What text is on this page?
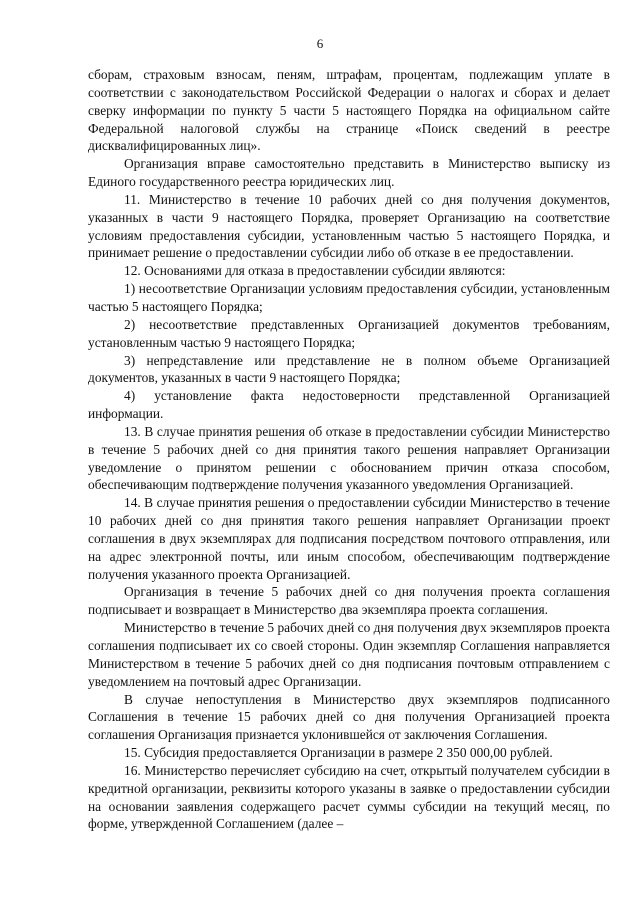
6

сборам, страховым взносам, пеням, штрафам, процентам, подлежащим уплате в соответствии с законодательством Российской Федерации о налогах и сборах и делает сверку информации по пункту 5 части 5 настоящего Порядка на официальном сайте Федеральной налоговой службы на странице «Поиск сведений в реестре дисквалифицированных лиц».

Организация вправе самостоятельно представить в Министерство выписку из Единого государственного реестра юридических лиц.

11. Министерство в течение 10 рабочих дней со дня получения документов, указанных в части 9 настоящего Порядка, проверяет Организацию на соответствие условиям предоставления субсидии, установленным частью 5 настоящего Порядка, и принимает решение о предоставлении субсидии либо об отказе в ее предоставлении.

12. Основаниями для отказа в предоставлении субсидии являются:

1) несоответствие Организации условиям предоставления субсидии, установленным частью 5 настоящего Порядка;

2) несоответствие представленных Организацией документов требованиям, установленным частью 9 настоящего Порядка;

3) непредставление или представление не в полном объеме Организацией документов, указанных в части 9 настоящего Порядка;

4) установление факта недостоверности представленной Организацией информации.

13. В случае принятия решения об отказе в предоставлении субсидии Министерство в течение 5 рабочих дней со дня принятия такого решения направляет Организации уведомление о принятом решении с обоснованием причин отказа способом, обеспечивающим подтверждение получения указанного уведомления Организацией.

14. В случае принятия решения о предоставлении субсидии Министерство в течение 10 рабочих дней со дня принятия такого решения направляет Организации проект соглашения в двух экземплярах для подписания посредством почтового отправления, или на адрес электронной почты, или иным способом, обеспечивающим подтверждение получения указанного проекта Организацией.

Организация в течение 5 рабочих дней со дня получения проекта соглашения подписывает и возвращает в Министерство два экземпляра проекта соглашения.

Министерство в течение 5 рабочих дней со дня получения двух экземпляров проекта соглашения подписывает их со своей стороны. Один экземпляр Соглашения направляется Министерством в течение 5 рабочих дней со дня подписания почтовым отправлением с уведомлением на почтовый адрес Организации.

В случае непоступления в Министерство двух экземпляров подписанного Соглашения в течение 15 рабочих дней со дня получения Организацией проекта соглашения Организация признается уклонившейся от заключения Соглашения.

15. Субсидия предоставляется Организации в размере 2 350 000,00 рублей.

16. Министерство перечисляет субсидию на счет, открытый получателем субсидии в кредитной организации, реквизиты которого указаны в заявке о предоставлении субсидии на основании заявления содержащего расчет суммы субсидии на текущий месяц, по форме, утвержденной Соглашением (далее –
